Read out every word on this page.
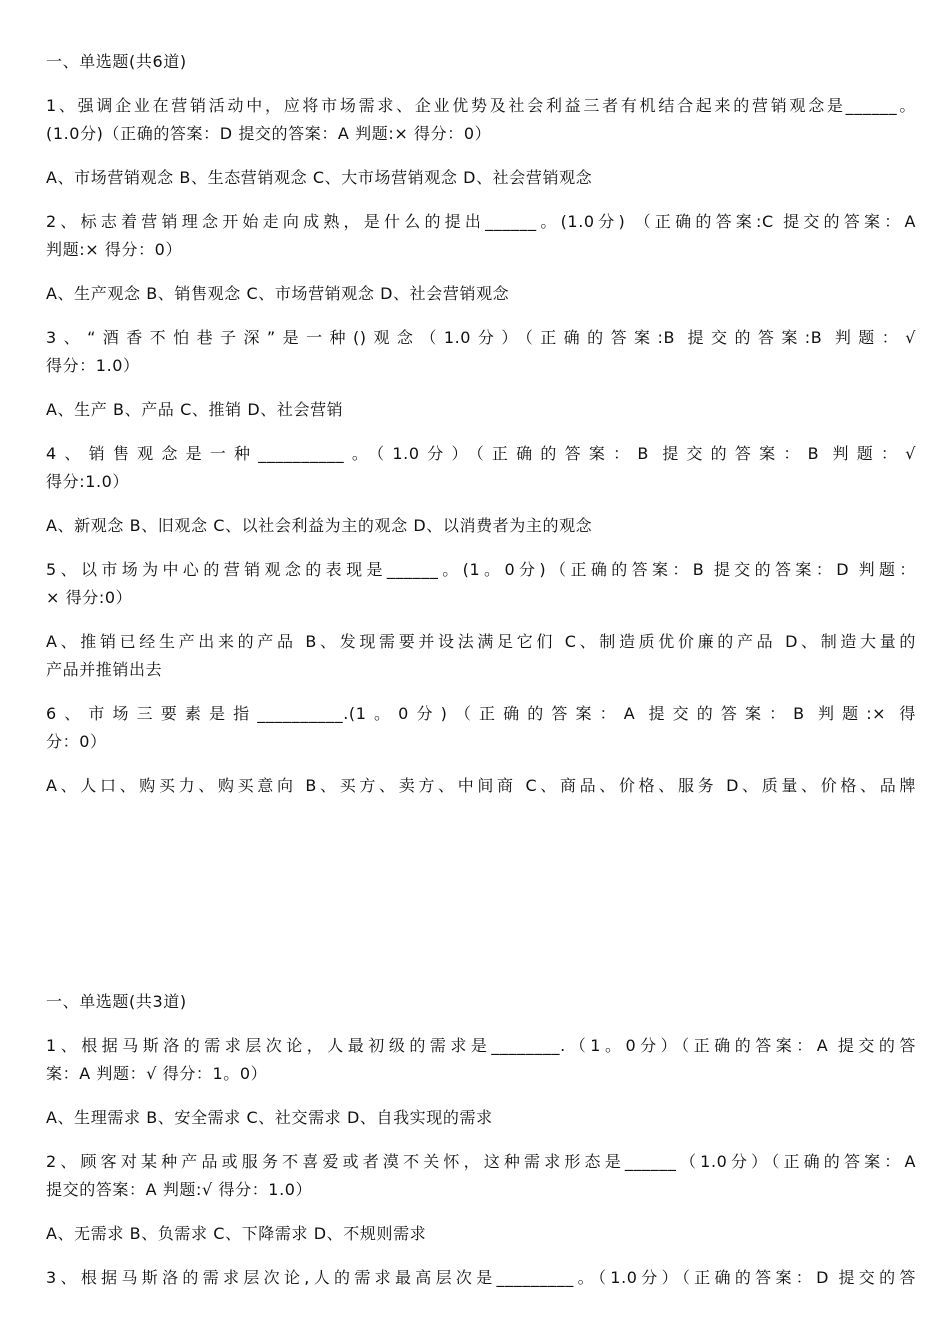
一、单选题(共6道)
1、强调企业在营销活动中，应将市场需求、企业优势及社会利益三者有机结合起来的营销观念是______。
(1.0分)（正确的答案：D 提交的答案：A 判题:× 得分：0）
A、市场营销观念 B、生态营销观念 C、大市场营销观念 D、社会营销观念
2、标志着营销理念开始走向成熟，是什么的提出______。(1.0分) （正确的答案:C 提交的答案：A
判题:× 得分：0）
A、生产观念 B、销售观念 C、市场营销观念 D、社会营销观念
3、“酒香不怕巷子深”是一种()观念（1.0分）（正确的答案:B 提交的答案:B 判题：√
得分：1.0）
A、生产 B、产品 C、推销 D、社会营销
4、销售观念是一种__________。（1.0分）（正确的答案：B 提交的答案：B 判题：√
得分:1.0）
A、新观念 B、旧观念 C、以社会利益为主的观念 D、以消费者为主的观念
5、以市场为中心的营销观念的表现是______。(1。0分)（正确的答案：B 提交的答案：D 判题：
× 得分:0）
A、推销已经生产出来的产品 B、发现需要并设法满足它们 C、制造质优价廉的产品 D、制造大量的
产品并推销出去
6、市场三要素是指__________.(1。0分)（正确的答案：A 提交的答案：B 判题:× 得
分：0）
A、人口、购买力、购买意向 B、买方、卖方、中间商 C、商品、价格、服务 D、质量、价格、品牌
一、单选题(共3道)
1、根据马斯洛的需求层次论，人最初级的需求是________.（1。0分）（正确的答案：A 提交的答
案：A 判题：√ 得分：1。0）
A、生理需求 B、安全需求 C、社交需求 D、自我实现的需求
2、顾客对某种产品或服务不喜爱或者漠不关怀，这种需求形态是______（1.0分）（正确的答案：A
提交的答案：A 判题:√ 得分：1.0）
A、无需求 B、负需求 C、下降需求 D、不规则需求
3、根据马斯洛的需求层次论,人的需求最高层次是_________。（1.0分）（正确的答案：D 提交的答
